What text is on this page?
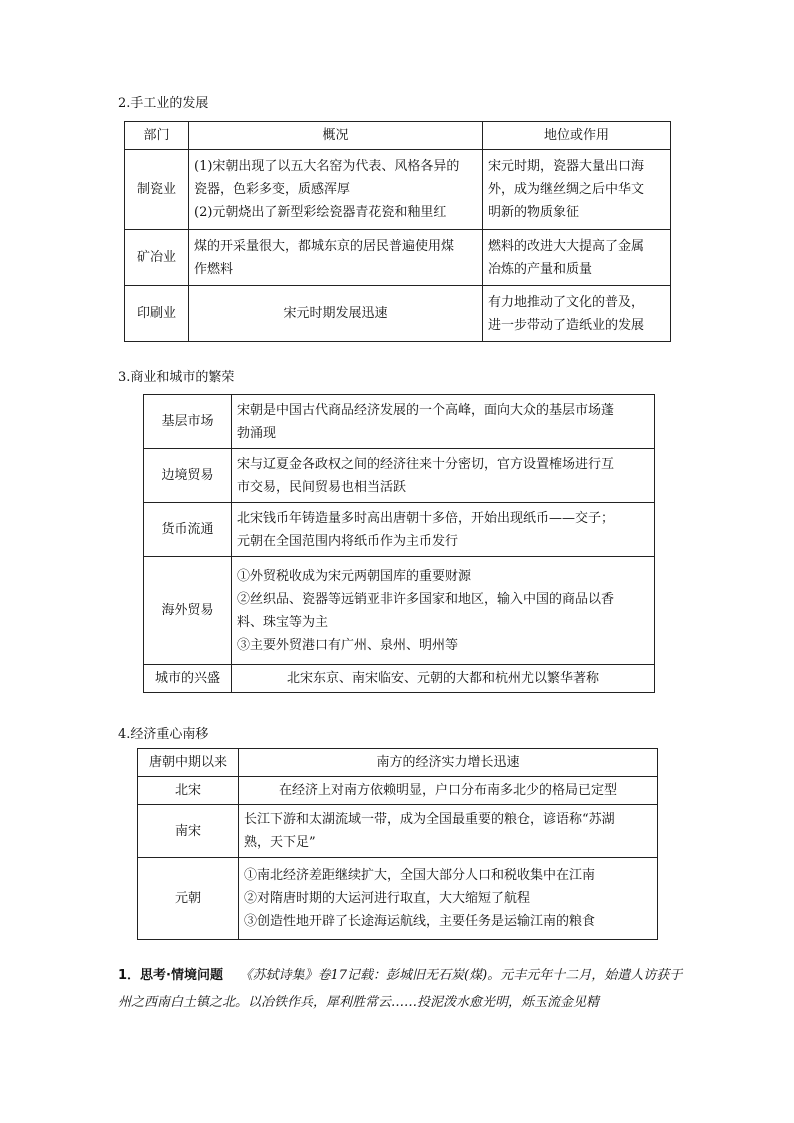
2.手工业的发展
部门	概况	地位或作用
制瓷业	(1)宋朝出现了以五大名窑为代表、风格各异的
瓷器，色彩多变，质感浑厚
(2)元朝烧出了新型彩绘瓷器青花瓷和釉里红	宋元时期，瓷器大量出口海
外，成为继丝绸之后中华文
明新的物质象征

矿冶业	煤的开采量很大，都城东京的居民普遍使用煤
作燃料	燃料的改进大大提高了金属
冶炼的产量和质量

印刷业	宋元时期发展迅速	有力地推动了文化的普及，
进一步带动了造纸业的发展
3.商业和城市的繁荣
基层市场	宋朝是中国古代商品经济发展的一个高峰，面向大众的基层市场蓬
勃涌现

边境贸易	宋与辽夏金各政权之间的经济往来十分密切，官方设置榷场进行互
市交易，民间贸易也相当活跃

货币流通	北宋钱币年铸造量多时高出唐朝十多倍，开始出现纸币——交子；
元朝在全国范围内将纸币作为主币发行

海外贸易	①外贸税收成为宋元两朝国库的重要财源
②丝织品、瓷器等远销亚非许多国家和地区，输入中国的商品以香
料、珠宝等为主
③主要外贸港口有广州、泉州、明州等

城市的兴盛	北宋东京、南宋临安、元朝的大都和杭州尤以繁华著称
4.经济重心南移
唐朝中期以来	南方的经济实力增长迅速
北宋	在经济上对南方依赖明显，户口分布南多北少的格局已定型
南宋	长江下游和太湖流域一带，成为全国最重要的粮仓，谚语称“苏湖
熟，天下足”

元朝	①南北经济差距继续扩大，全国大部分人口和税收集中在江南
②对隋唐时期的大运河进行取直，大大缩短了航程
③创造性地开辟了长途海运航线，主要任务是运输江南的粮食
1．思考·情境问题 《苏轼诗集》卷17记载：彭城旧无石炭(煤)。元丰元年十二月，始遣人访获于州之西南白土镇之北。以冶铁作兵，犀利胜常云……投泥泼水愈光明，烁玉流金见精
